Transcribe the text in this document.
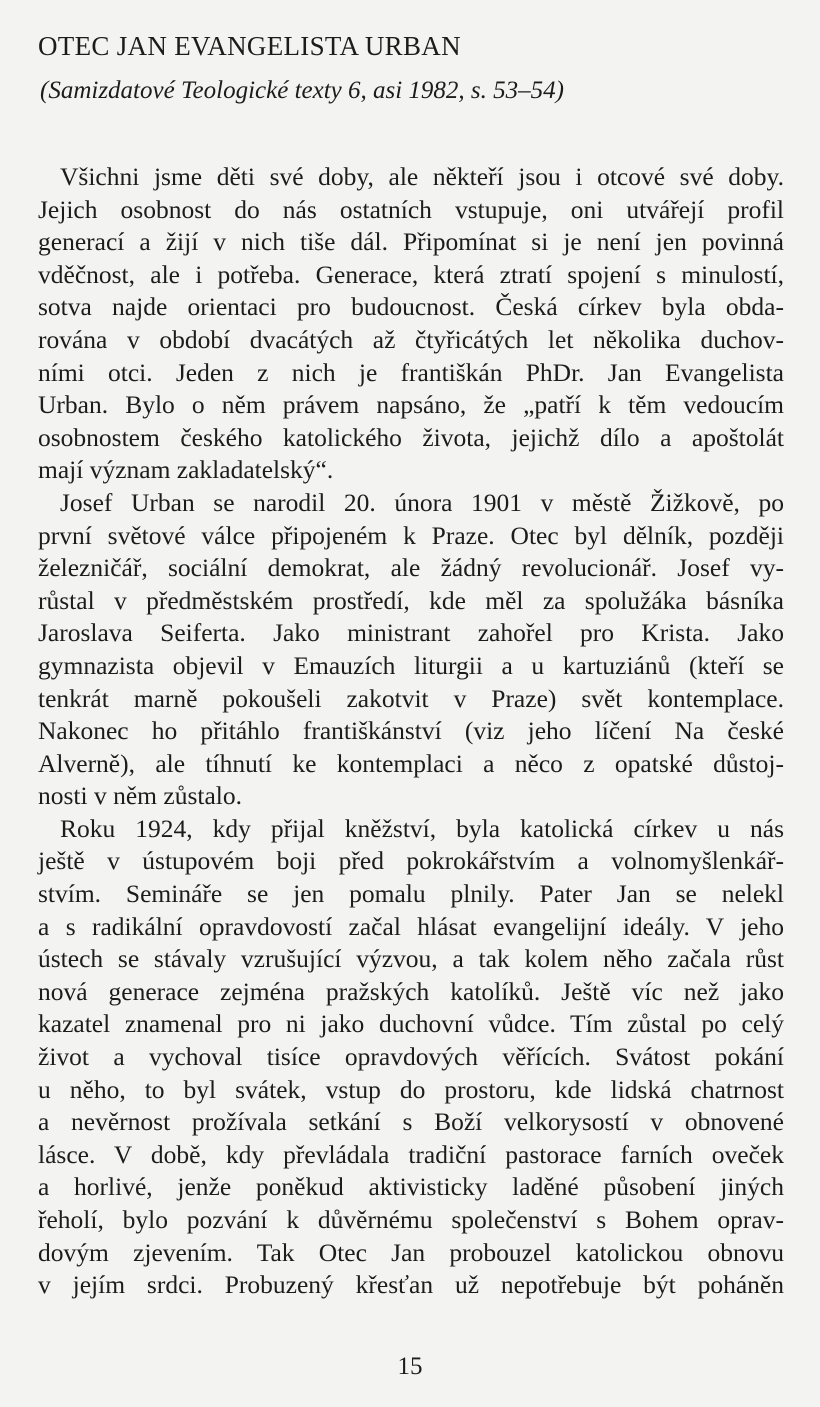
OTEC JAN EVANGELISTA URBAN
(Samizdatové Teologické texty 6, asi 1982, s. 53–54)
Všichni jsme děti své doby, ale někteří jsou i otcové své doby.
Jejich osobnost do nás ostatních vstupuje, oni utvářejí profil
generací a žijí v nich tiše dál. Připomínat si je není jen povinná
vděčnost, ale i potřeba. Generace, která ztratí spojení s minulostí,
sotva najde orientaci pro budoucnost. Česká církev byla obda-
rována v období dvacátých až čtyřicátých let několika duchov-
ními otci. Jeden z nich je františkán PhDr. Jan Evangelista
Urban. Bylo o něm právem napsáno, že „patří k těm vedoucím
osobnostem českého katolického života, jejichž dílo a apoštolát
mají význam zakladatelský“.
Josef Urban se narodil 20. února 1901 v městě Žižkově, po
první světové válce připojeném k Praze. Otec byl dělník, později
železničář, sociální demokrat, ale žádný revolucionář. Josef vy-
růstal v předměstském prostředí, kde měl za spolužáka básníka
Jaroslava Seiferta. Jako ministrant zahořel pro Krista. Jako
gymnazista objevil v Emauzích liturgii a u kartuziánů (kteří se
tenkrát marně pokoušeli zakotvit v Praze) svět kontemplace.
Nakonec ho přitáhlo františkánství (viz jeho líčení Na české
Alverně), ale tíhnutí ke kontemplaci a něco z opatské důstoj-
nosti v něm zůstalo.
Roku 1924, kdy přijal kněžství, byla katolická církev u nás
ještě v ústupovém boji před pokrokářstvím a volnomyšlenkář-
stvím. Semináře se jen pomalu plnily. Pater Jan se nelekl
a s radikální opravdovostí začal hlásat evangelijní ideály. V jeho
ústech se stávaly vzrušující výzvou, a tak kolem něho začala růst
nová generace zejména pražských katolíků. Ještě víc než jako
kazatel znamenal pro ni jako duchovní vůdce. Tím zůstal po celý
život a vychoval tisíce opravdových věřících. Svátost pokání
u něho, to byl svátek, vstup do prostoru, kde lidská chatrnost
a nevěrnost prožívala setkání s Boží velkorysostí v obnovené
lásce. V době, kdy převládala tradiční pastorace farních oveček
a horlivé, jenže poněkud aktivisticky laděné působení jiných
řeholí, bylo pozvání k důvěrnému společenství s Bohem oprav-
dovým zjevením. Tak Otec Jan probouzel katolickou obnovu
v jejím srdci. Probuzený křesťan už nepotřebuje být poháněn
15
